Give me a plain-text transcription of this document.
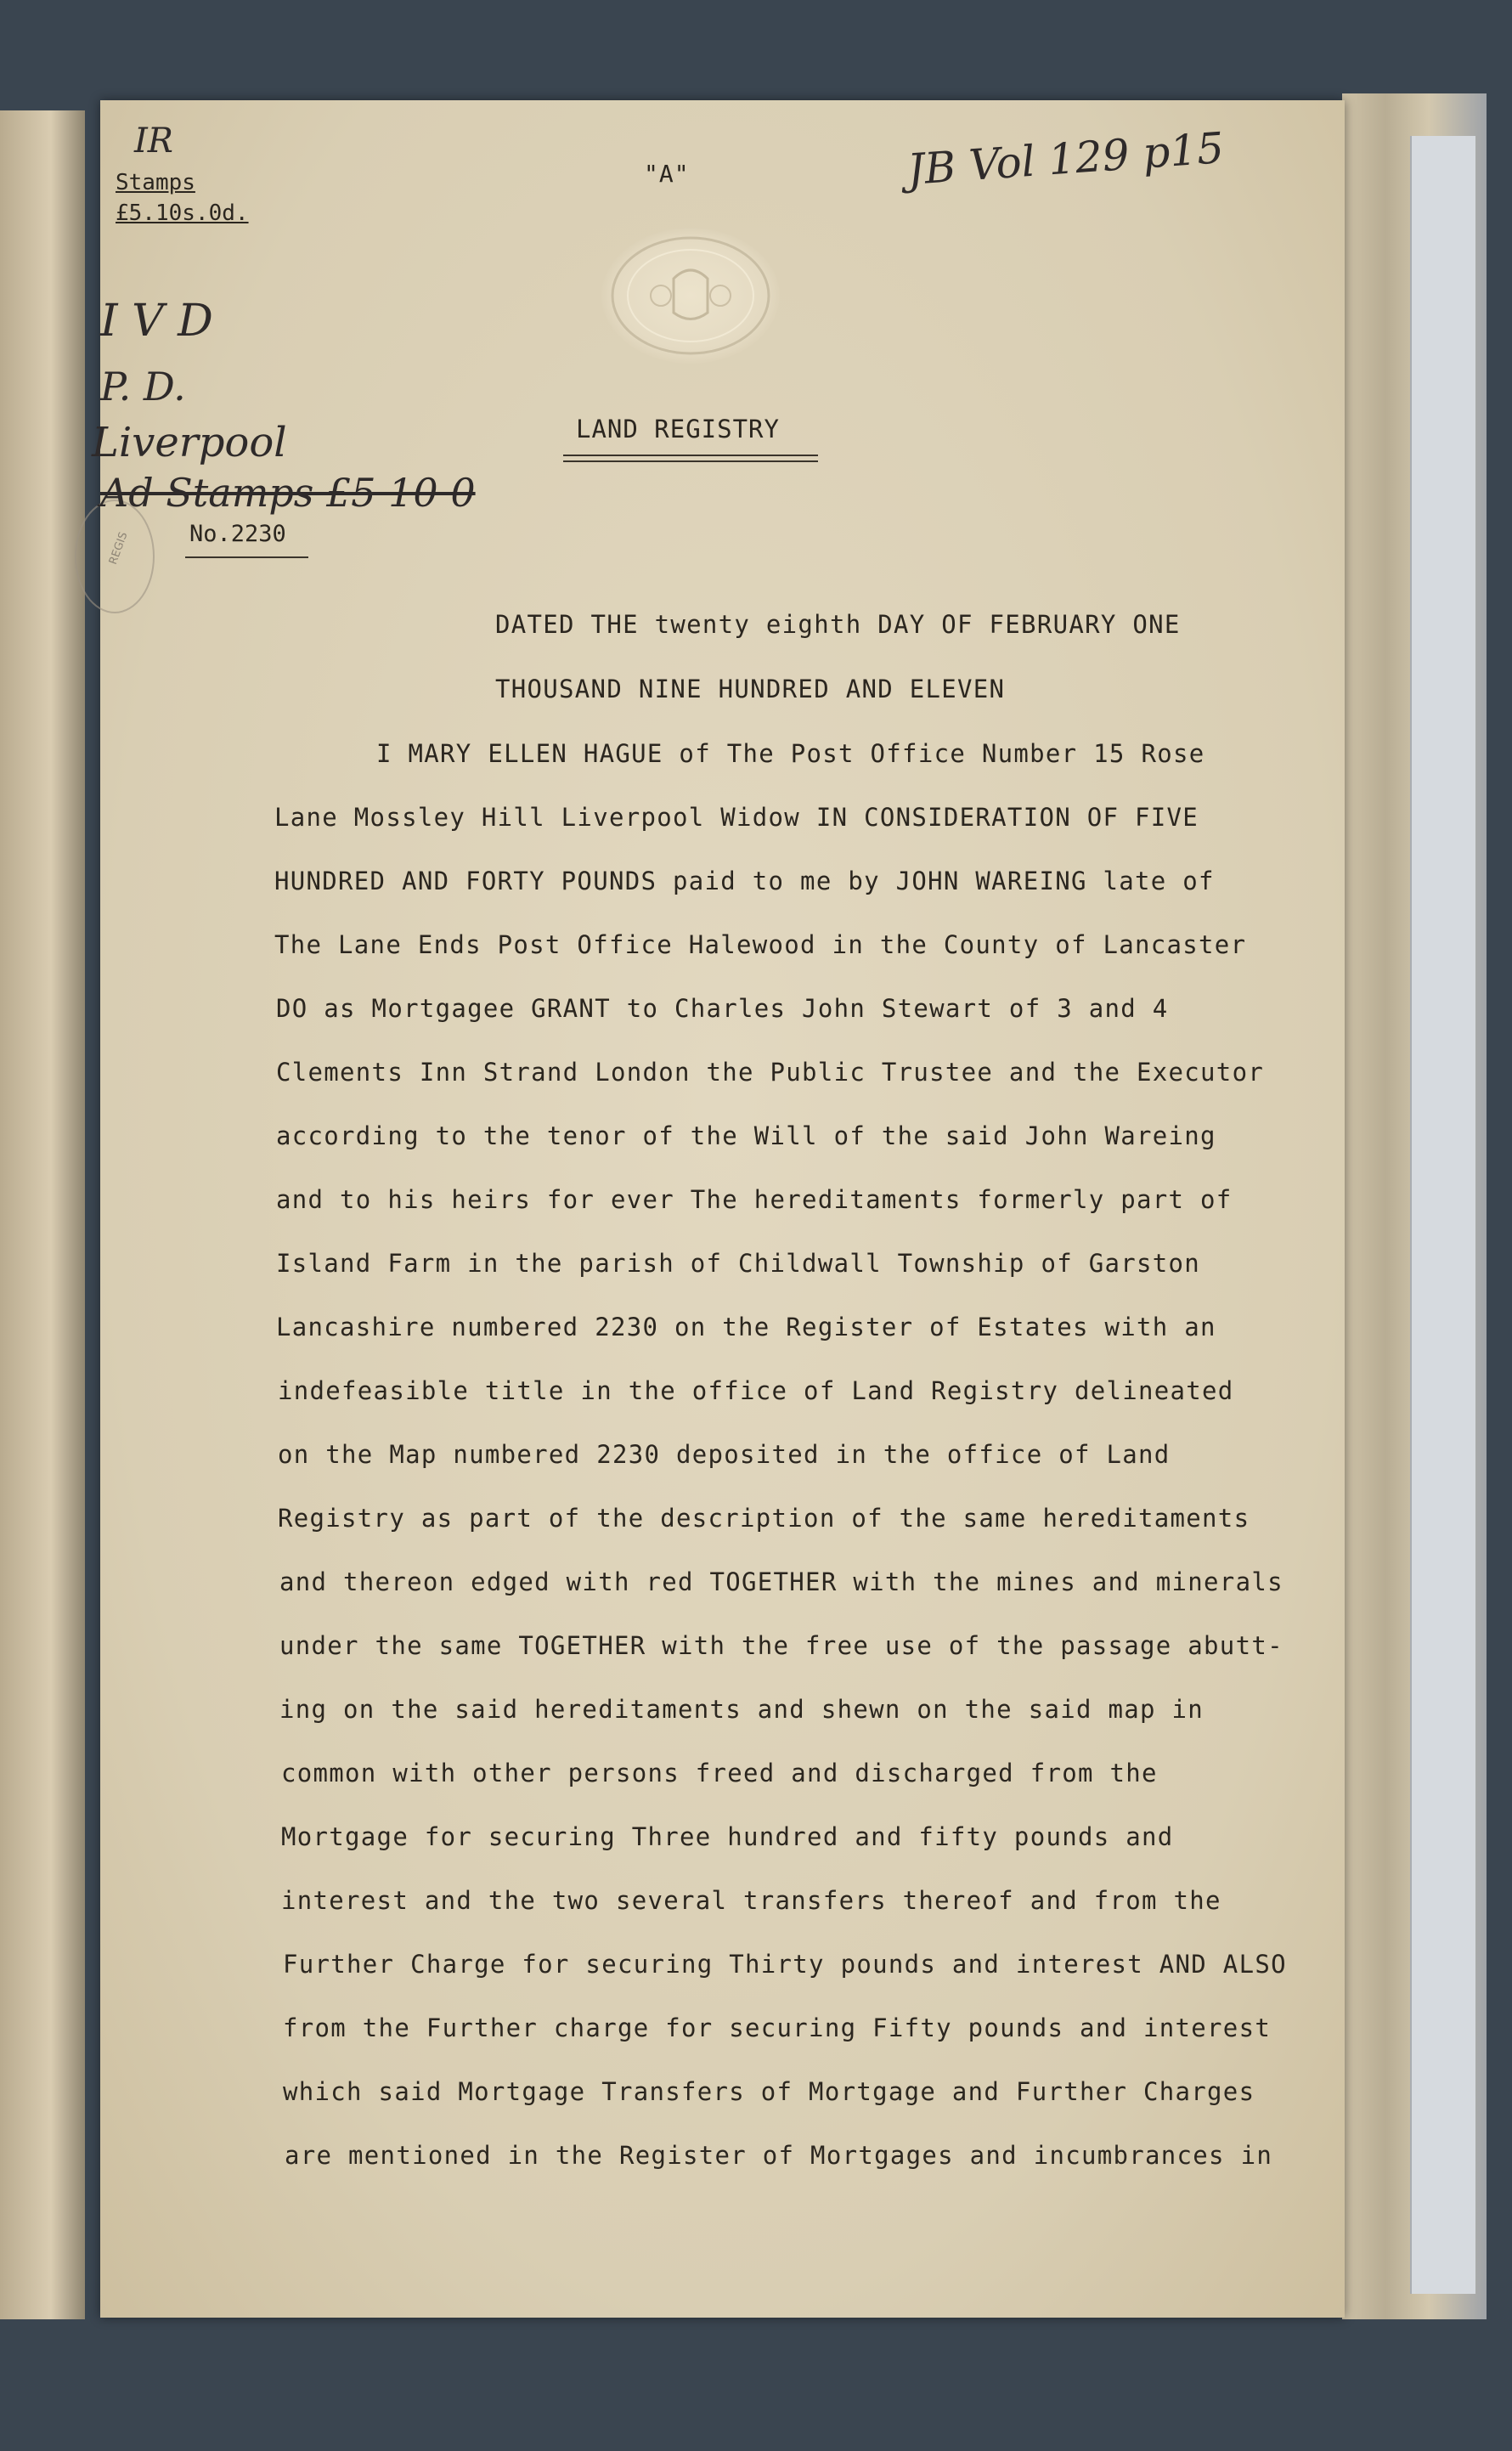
REGIS
IR
Stamps
£5.10s.0d.
"A"	JB Vol 129 p15
I V D
P. D.
Liverpool
Ad Stamps £5 10 0
No.2230
LAND REGISTRY
DATED THE twenty eighth DAY OF FEBRUARY ONE
THOUSAND NINE HUNDRED AND ELEVEN
I MARY ELLEN HAGUE of The Post Office Number 15 Rose
Lane Mossley Hill Liverpool Widow IN CONSIDERATION OF FIVE
HUNDRED AND FORTY POUNDS paid to me by JOHN WAREING late of
The Lane Ends Post Office Halewood in the County of Lancaster
DO as Mortgagee GRANT to Charles John Stewart of 3 and 4
Clements Inn Strand London the Public Trustee and the Executor
according to the tenor of the Will of the said John Wareing
and to his heirs for ever The hereditaments formerly part of
Island Farm in the parish of Childwall Township of Garston
Lancashire numbered 2230 on the Register of Estates with an
indefeasible title in the office of Land Registry delineated
on the Map numbered 2230 deposited in the office of Land
Registry as part of the description of the same hereditaments
and thereon edged with red TOGETHER with the mines and minerals
under the same TOGETHER with the free use of the passage abutt-
ing on the said hereditaments and shewn on the said map in
common with other persons freed and discharged from the
Mortgage for securing Three hundred and fifty pounds and
interest and the two several transfers thereof and from the
Further Charge for securing Thirty pounds and interest AND ALSO
from the Further charge for securing Fifty pounds and interest
which said Mortgage Transfers of Mortgage and Further Charges
are mentioned in the Register of Mortgages and incumbrances in
